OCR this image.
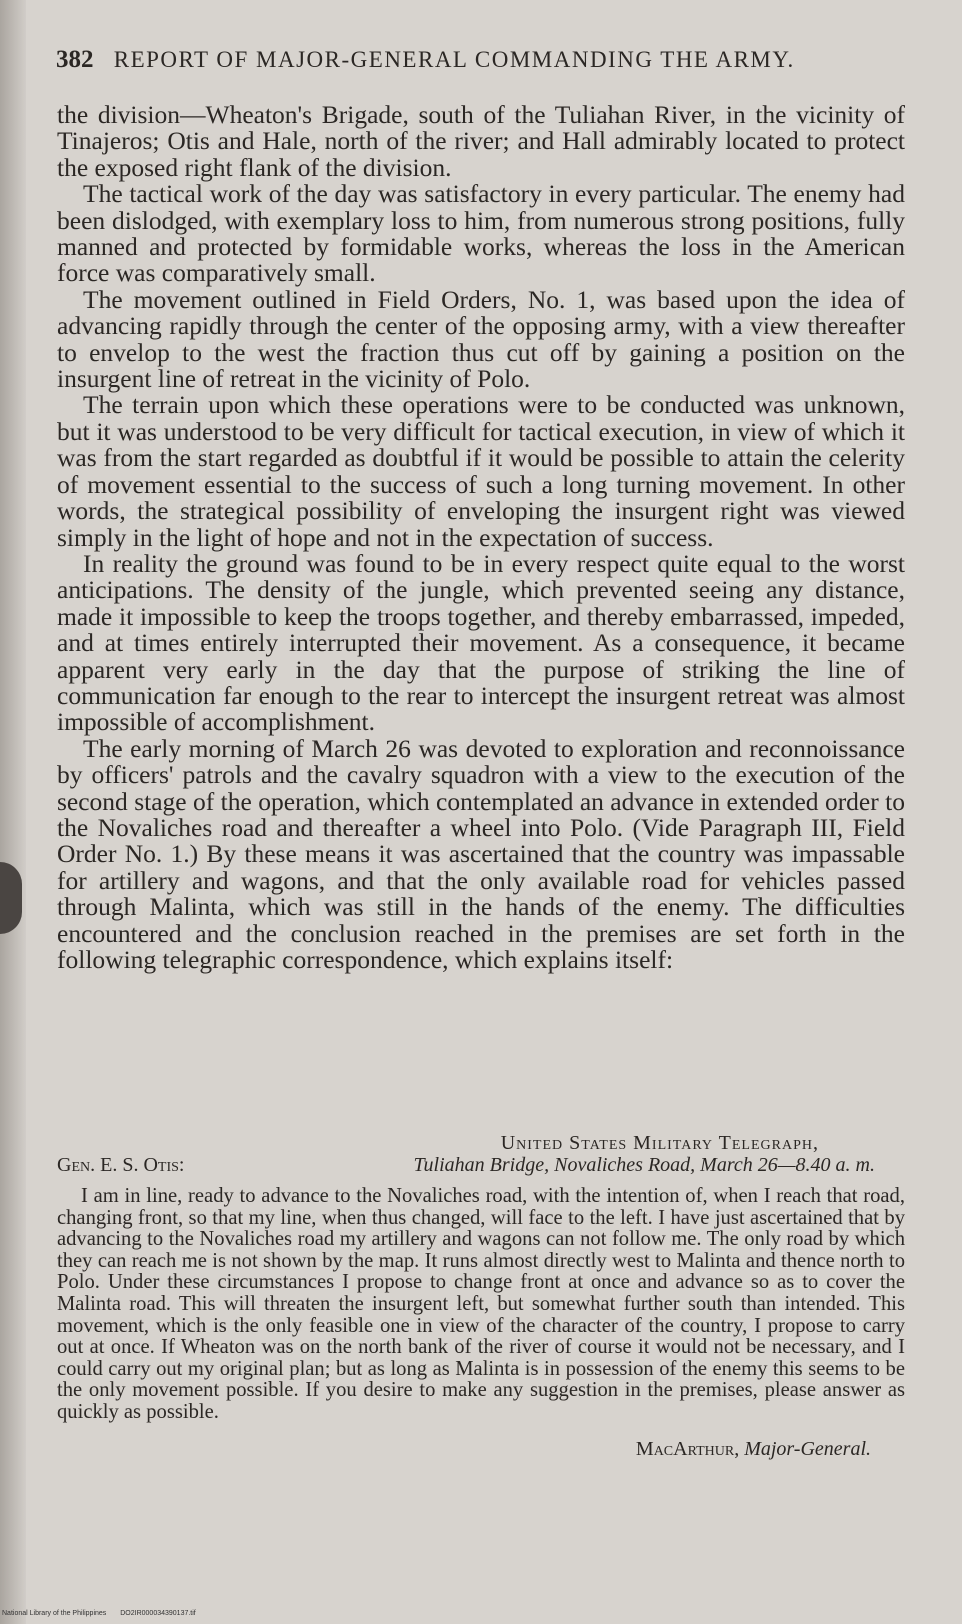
382 REPORT OF MAJOR-GENERAL COMMANDING THE ARMY.

the division—Wheaton's Brigade, south of the Tuliahan River, in the vicinity of Tinajeros; Otis and Hale, north of the river; and Hall admirably located to protect the exposed right flank of the division.

The tactical work of the day was satisfactory in every particular. The enemy had been dislodged, with exemplary loss to him, from numerous strong positions, fully manned and protected by formidable works, whereas the loss in the American force was comparatively small.

The movement outlined in Field Orders, No. 1, was based upon the idea of advancing rapidly through the center of the opposing army, with a view thereafter to envelop to the west the fraction thus cut off by gaining a position on the insurgent line of retreat in the vicinity of Polo.

The terrain upon which these operations were to be conducted was unknown, but it was understood to be very difficult for tactical execution, in view of which it was from the start regarded as doubtful if it would be possible to attain the celerity of movement essential to the success of such a long turning movement. In other words, the strategical possibility of enveloping the insurgent right was viewed simply in the light of hope and not in the expectation of success.

In reality the ground was found to be in every respect quite equal to the worst anticipations. The density of the jungle, which prevented seeing any distance, made it impossible to keep the troops together, and thereby embarrassed, impeded, and at times entirely interrupted their movement. As a consequence, it became apparent very early in the day that the purpose of striking the line of communication far enough to the rear to intercept the insurgent retreat was almost impossible of accomplishment.

The early morning of March 26 was devoted to exploration and reconnoissance by officers' patrols and the cavalry squadron with a view to the execution of the second stage of the operation, which contemplated an advance in extended order to the Novaliches road and thereafter a wheel into Polo. (Vide Paragraph III, Field Order No. 1.) By these means it was ascertained that the country was impassable for artillery and wagons, and that the only available road for vehicles passed through Malinta, which was still in the hands of the enemy. The difficulties encountered and the conclusion reached in the premises are set forth in the following telegraphic correspondence, which explains itself:

United States Military Telegraph,
Gen. E. S. Otis:	Tuliahan Bridge, Novaliches Road, March 26—8.40 a. m.
I am in line, ready to advance to the Novaliches road, with the intention of, when I reach that road, changing front, so that my line, when thus changed, will face to the left. I have just ascertained that by advancing to the Novaliches road my artillery and wagons can not follow me. The only road by which they can reach me is not shown by the map. It runs almost directly west to Malinta and thence north to Polo. Under these circumstances I propose to change front at once and advance so as to cover the Malinta road. This will threaten the insurgent left, but somewhat further south than intended. This movement, which is the only feasible one in view of the character of the country, I propose to carry out at once. If Wheaton was on the north bank of the river of course it would not be necessary, and I could carry out my original plan; but as long as Malinta is in possession of the enemy this seems to be the only movement possible. If you desire to make any suggestion in the premises, please answer as quickly as possible.
MacArthur, Major-General.
National Library of the Philippines DO2IR000034390137.tif
